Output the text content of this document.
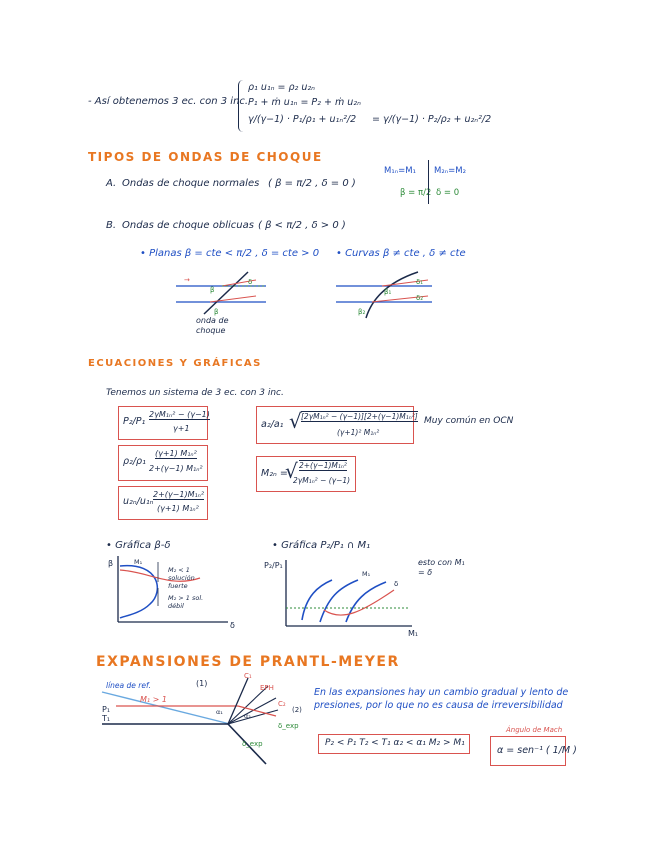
- Así obtenemos 3 ec. con 3 inc.
ρ₁ u₁ₙ = ρ₂ u₂ₙ
P₁ + ṁ u₁ₙ = P₂ + ṁ u₂ₙ
γ/(γ−1) · P₁/ρ₁ + u₁ₙ²/2 = γ/(γ−1) · P₂/ρ₂ + u₂ₙ²/2
TIPOS DE ONDAS DE CHOQUE
A. Ondas de choque normales ( β = π/2 , δ = 0 )
M₁ₙ=M₁
β = π/2
M₂ₙ=M₂
δ = 0
B. Ondas de choque oblicuas ( β < π/2 , δ > 0 )
• Planas β = cte < π/2 , δ = cte > 0 • Curvas β ≠ cte , δ ≠ cte
β
δ
β
→
β₁
β₂
δ₁
δ₂
onda de choque
ECUACIONES Y GRÁFICAS
Tenemos un sistema de 3 ec. con 3 inc.
P₂/P₁
2γM₁ₙ² − (γ−1)
γ+1
ρ₂/ρ₁
(γ+1) M₁ₙ²
2+(γ−1) M₁ₙ²
u₂ₙ/u₁ₙ
2+(γ−1)M₁ₙ²
(γ+1) M₁ₙ²
a₂/a₁ √ [2γM₁ₙ² − (γ−1)][2+(γ−1)M₁ₙ²]
(γ+1)² M₁ₙ²
Muy común en OCN
M₂ₙ =
√ 2+(γ−1)M₁ₙ²
2γM₁ₙ² − (γ−1)
• Gráfica β-δ
β
δ
M₁
M₂ < 1 solución fuerte
M₂ > 1 sol. débil
• Gráfica P₂/P₁ ∩ M₁
P₂/P₁
M₁
M₁
δ
esto con M₁ = δ
EXPANSIONES DE PRANTL-MEYER
línea de ref.
M₁ > 1
P₁
T₁
(1)
(2)
C₁
C₂
EPH
α₁	α₂
δ_exp
δ_exp
En las expansiones hay un cambio gradual y lento de presiones, por lo que no es causa de irreversibilidad
P₂ < P₁ T₂ < T₁ α₂ < α₁ M₂ > M₁
Ángulo de Mach
α = sen⁻¹ ( 1/M )
